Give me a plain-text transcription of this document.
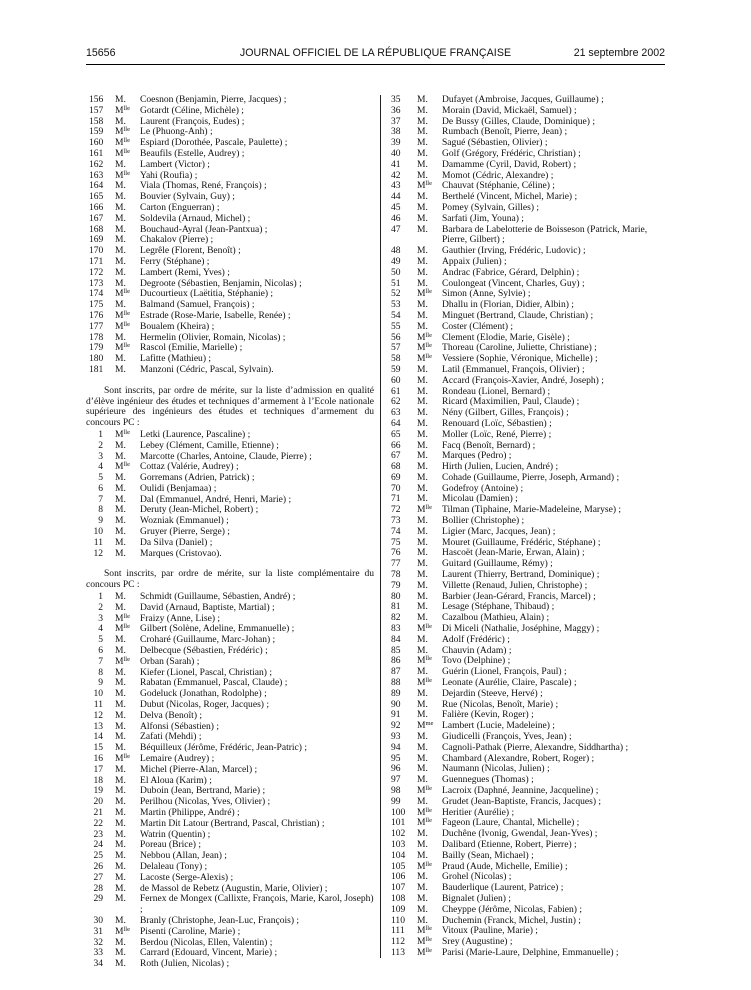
15656	JOURNAL OFFICIEL DE LA RÉPUBLIQUE FRANÇAISE	21 septembre 2002
156	M.	Coesnon (Benjamin, Pierre, Jacques) ;
157	$M^{lle}$	Gotardt (Céline, Michèle) ;
158	M.	Laurent (François, Eudes) ;
159	$M^{lle}$	Le (Phuong-Anh) ;
160	$M^{lle}$	Espiard (Dorothée, Pascale, Paulette) ;
161	$M^{lle}$	Beaufils (Estelle, Audrey) ;
162	M.	Lambert (Victor) ;
163	$M^{lle}$	Yahi (Roufia) ;
164	M.	Viala (Thomas, René, François) ;
165	M.	Bouvier (Sylvain, Guy) ;
166	M.	Carton (Enguerran) ;
167	M.	Soldevila (Arnaud, Michel) ;
168	M.	Bouchaud-Ayral (Jean-Pantxua) ;
169	M.	Chakalov (Pierre) ;
170	M.	Legrêle (Florent, Benoît) ;
171	M.	Ferry (Stéphane) ;
172	M.	Lambert (Remi, Yves) ;
173	M.	Degroote (Sébastien, Benjamin, Nicolas) ;
174	$M^{lle}$	Ducourtieux (Laëtitia, Stéphanie) ;
175	M.	Balmand (Samuel, François) ;
176	$M^{lle}$	Estrade (Rose-Marie, Isabelle, Renée) ;
177	$M^{lle}$	Boualem (Kheira) ;
178	M.	Hermelin (Olivier, Romain, Nicolas) ;
179	$M^{lle}$	Rascol (Emilie, Marielle) ;
180	M.	Lafitte (Mathieu) ;
181	M.	Manzoni (Cédric, Pascal, Sylvain).

Sont inscrits, par ordre de mérite, sur la liste d’admission en qualité d’élève ingénieur des études et techniques d’armement à l’Ecole nationale supérieure des ingénieurs des études et techniques d’armement du concours PC :

1	$M^{lle}$	Letki (Laurence, Pascaline) ;
2	M.	Lebey (Clément, Camille, Etienne) ;
3	M.	Marcotte (Charles, Antoine, Claude, Pierre) ;
4	$M^{lle}$	Cottaz (Valérie, Audrey) ;
5	M.	Gorremans (Adrien, Patrick) ;
6	M.	Oulidi (Benjamaa) ;
7	M.	Dal (Emmanuel, André, Henri, Marie) ;
8	M.	Deruty (Jean-Michel, Robert) ;
9	M.	Wozniak (Emmanuel) ;
10	M.	Gruyer (Pierre, Serge) ;
11	M.	Da Silva (Daniel) ;
12	M.	Marques (Cristovao).

Sont inscrits, par ordre de mérite, sur la liste complémentaire du concours PC :

1	M.	Schmidt (Guillaume, Sébastien, André) ;
2	M.	David (Arnaud, Baptiste, Martial) ;
3	$M^{lle}$	Fraizy (Anne, Lise) ;
4	$M^{lle}$	Gilbert (Solène, Adeline, Emmanuelle) ;
5	M.	Croharé (Guillaume, Marc-Johan) ;
6	M.	Delbecque (Sébastien, Frédéric) ;
7	$M^{lle}$	Orban (Sarah) ;
8	M.	Kiefer (Lionel, Pascal, Christian) ;
9	M.	Rabatan (Emmanuel, Pascal, Claude) ;
10	M.	Godeluck (Jonathan, Rodolphe) ;
11	M.	Dubut (Nicolas, Roger, Jacques) ;
12	M.	Delva (Benoît) ;
13	M.	Alfonsi (Sébastien) ;
14	M.	Zafati (Mehdi) ;
15	M.	Béquilleux (Jérôme, Frédéric, Jean-Patric) ;
16	$M^{lle}$	Lemaire (Audrey) ;
17	M.	Michel (Pierre-Alan, Marcel) ;
18	M.	El Aloua (Karim) ;
19	M.	Duboin (Jean, Bertrand, Marie) ;
20	M.	Perilhou (Nicolas, Yves, Olivier) ;
21	M.	Martin (Philippe, André) ;
22	M.	Martin Dit Latour (Bertrand, Pascal, Christian) ;
23	M.	Watrin (Quentin) ;
24	M.	Poreau (Brice) ;
25	M.	Nebbou (Allan, Jean) ;
26	M.	Delaleau (Tony) ;
27	M.	Lacoste (Serge-Alexis) ;
28	M.	de Massol de Rebetz (Augustin, Marie, Olivier) ;
29	M.	Fernex de Mongex (Callixte, François, Marie, Karol, Joseph) ;
30	M.	Branly (Christophe, Jean-Luc, François) ;
31	$M^{lle}$	Pisenti (Caroline, Marie) ;
32	M.	Berdou (Nicolas, Ellen, Valentin) ;
33	M.	Carrard (Edouard, Vincent, Marie) ;
34	M.	Roth (Julien, Nicolas) ;
35	M.	Dufayet (Ambroise, Jacques, Guillaume) ;
36	M.	Morain (David, Mickaël, Samuel) ;
37	M.	De Bussy (Gilles, Claude, Dominique) ;
38	M.	Rumbach (Benoît, Pierre, Jean) ;
39	M.	Sagué (Sébastien, Olivier) ;
40	M.	Golf (Grégory, Frédéric, Christian) ;
41	M.	Damamme (Cyril, David, Robert) ;
42	M.	Momot (Cédric, Alexandre) ;
43	$M^{lle}$	Chauvat (Stéphanie, Céline) ;
44	M.	Berthelé (Vincent, Michel, Marie) ;
45	M.	Pomey (Sylvain, Gilles) ;
46	M.	Sarfati (Jim, Youna) ;
47	M.	Barbara de Labelotterie de Boisseson (Patrick, Marie, Pierre, Gilbert) ;
48	M.	Gauthier (Irving, Frédéric, Ludovic) ;
49	M.	Appaix (Julien) ;
50	M.	Andrac (Fabrice, Gérard, Delphin) ;
51	M.	Coulongeat (Vincent, Charles, Guy) ;
52	$M^{lle}$	Simon (Anne, Sylvie) ;
53	M.	Dhallu in (Florian, Didier, Albin) ;
54	M.	Minguet (Bertrand, Claude, Christian) ;
55	M.	Coster (Clément) ;
56	$M^{lle}$	Clement (Elodie, Marie, Gisèle) ;
57	$M^{lle}$	Thoreau (Caroline, Juliette, Christiane) ;
58	$M^{lle}$	Vessiere (Sophie, Véronique, Michelle) ;
59	M.	Latil (Emmanuel, François, Olivier) ;
60	M.	Accard (François-Xavier, André, Joseph) ;
61	M.	Rondeau (Lionel, Bernard) ;
62	M.	Ricard (Maximilien, Paul, Claude) ;
63	M.	Nény (Gilbert, Gilles, François) ;
64	M.	Renouard (Loïc, Sébastien) ;
65	M.	Moller (Loïc, René, Pierre) ;
66	M.	Facq (Benoît, Bernard) ;
67	M.	Marques (Pedro) ;
68	M.	Hirth (Julien, Lucien, André) ;
69	M.	Cohade (Guillaume, Pierre, Joseph, Armand) ;
70	M.	Godefroy (Antoine) ;
71	M.	Micolau (Damien) ;
72	$M^{lle}$	Tilman (Tiphaine, Marie-Madeleine, Maryse) ;
73	M.	Bollier (Christophe) ;
74	M.	Ligier (Marc, Jacques, Jean) ;
75	M.	Mouret (Guillaume, Frédéric, Stéphane) ;
76	M.	Hascoët (Jean-Marie, Erwan, Alain) ;
77	M.	Guitard (Guillaume, Rémy) ;
78	M.	Laurent (Thierry, Bertrand, Dominique) ;
79	M.	Villette (Renaud, Julien, Christophe) ;
80	M.	Barbier (Jean-Gérard, Francis, Marcel) ;
81	M.	Lesage (Stéphane, Thibaud) ;
82	M.	Cazalbou (Mathieu, Alain) ;
83	$M^{lle}$	Di Miceli (Nathalie, Joséphine, Maggy) ;
84	M.	Adolf (Frédéric) ;
85	M.	Chauvin (Adam) ;
86	$M^{lle}$	Tovo (Delphine) ;
87	M.	Guérin (Lionel, François, Paul) ;
88	$M^{lle}$	Leonate (Aurélie, Claire, Pascale) ;
89	M.	Dejardin (Steeve, Hervé) ;
90	M.	Rue (Nicolas, Benoît, Marie) ;
91	M.	Falière (Kevin, Roger) ;
92	$M^{me}$ Lambert (Lucie, Madeleine) ;
93	M.	Giudicelli (François, Yves, Jean) ;
94	M.	Cagnoli-Pathak (Pierre, Alexandre, Siddhartha) ;
95	M.	Chambard (Alexandre, Robert, Roger) ;
96	M.	Naumann (Nicolas, Julien) ;
97	M.	Guennegues (Thomas) ;
98	$M^{lle}$	Lacroix (Daphné, Jeannine, Jacqueline) ;
99	M.	Grudet (Jean-Baptiste, Francis, Jacques) ;
100	$M^{lle}$	Heritier (Aurélie) ;
101	$M^{lle}$	Fageon (Laure, Chantal, Michelle) ;
102	M.	Duchêne (Ivonig, Gwendal, Jean-Yves) ;
103	M.	Dalibard (Etienne, Robert, Pierre) ;
104	M.	Bailly (Sean, Michael) ;
105	$M^{lle}$	Praud (Aude, Michelle, Emilie) ;
106	M.	Grohel (Nicolas) ;
107	M.	Bauderlique (Laurent, Patrice) ;
108	M.	Bignalet (Julien) ;
109	M.	Cheyppe (Jérôme, Nicolas, Fabien) ;
110	M.	Duchemin (Franck, Michel, Justin) ;
111	$M^{lle}$	Vitoux (Pauline, Marie) ;
112	$M^{lle}$	Srey (Augustine) ;
113	$M^{lle}$	Parisi (Marie-Laure, Delphine, Emmanuelle) ;
